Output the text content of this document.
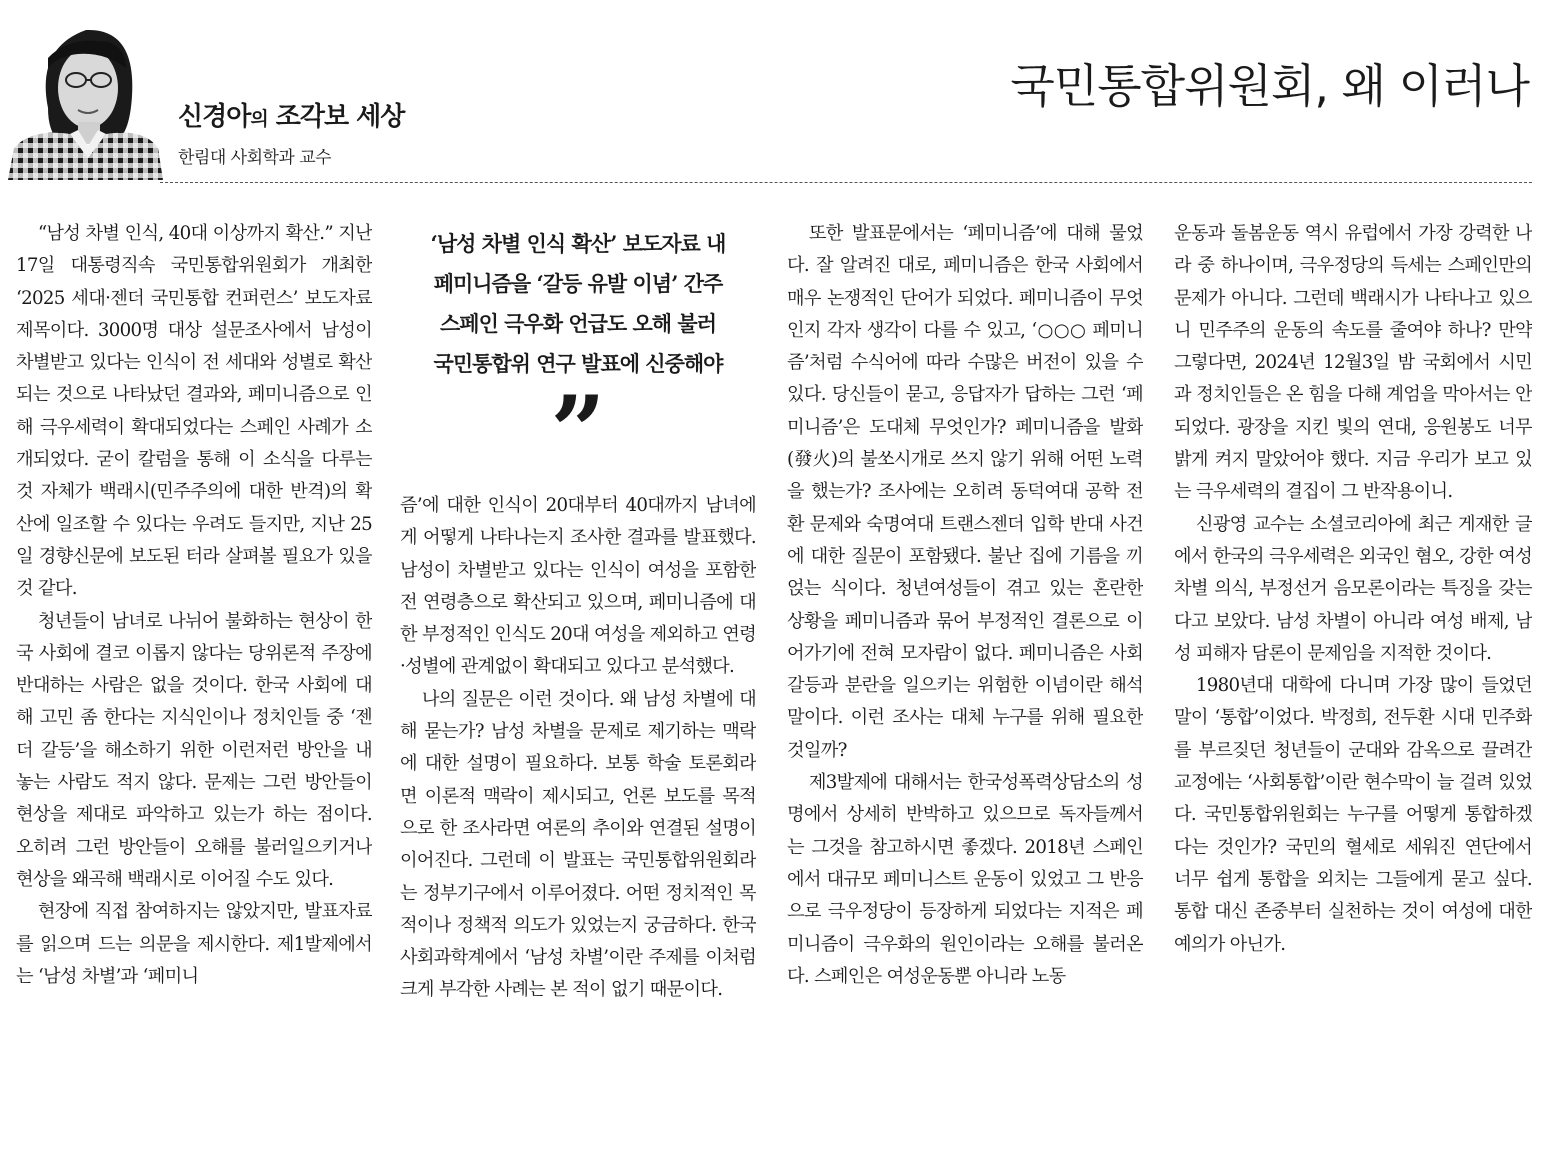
신경아의 조각보 세상
한림대 사회학과 교수
국민통합위원회, 왜 이러나

“남성 차별 인식, 40대 이상까지 확산.” 지난 17일 대통령직속 국민통합위원회가 개최한 ‘2025 세대·젠더 국민통합 컨퍼런스’ 보도자료 제목이다. 3000명 대상 설문조사에서 남성이 차별받고 있다는 인식이 전 세대와 성별로 확산되는 것으로 나타났던 결과와, 페미니즘으로 인해 극우세력이 확대되었다는 스페인 사례가 소개되었다. 굳이 칼럼을 통해 이 소식을 다루는 것 자체가 백래시(민주주의에 대한 반격)의 확산에 일조할 수 있다는 우려도 들지만, 지난 25일 경향신문에 보도된 터라 살펴볼 필요가 있을 것 같다.

청년들이 남녀로 나뉘어 불화하는 현상이 한국 사회에 결코 이롭지 않다는 당위론적 주장에 반대하는 사람은 없을 것이다. 한국 사회에 대해 고민 좀 한다는 지식인이나 정치인들 중 ‘젠더 갈등’을 해소하기 위한 이런저런 방안을 내놓는 사람도 적지 않다. 문제는 그런 방안들이 현상을 제대로 파악하고 있는가 하는 점이다. 오히려 그런 방안들이 오해를 불러일으키거나 현상을 왜곡해 백래시로 이어질 수도 있다.

현장에 직접 참여하지는 않았지만, 발표자료를 읽으며 드는 의문을 제시한다. 제1발제에서는 ‘남성 차별’과 ‘페미니

‘남성 차별 인식 확산’ 보도자료 내
페미니즘을 ‘갈등 유발 이념’ 간주
스페인 극우화 언급도 오해 불러
국민통합위 연구 발표에 신중해야
”

즘’에 대한 인식이 20대부터 40대까지 남녀에게 어떻게 나타나는지 조사한 결과를 발표했다. 남성이 차별받고 있다는 인식이 여성을 포함한 전 연령층으로 확산되고 있으며, 페미니즘에 대한 부정적인 인식도 20대 여성을 제외하고 연령·성별에 관계없이 확대되고 있다고 분석했다.

나의 질문은 이런 것이다. 왜 남성 차별에 대해 묻는가? 남성 차별을 문제로 제기하는 맥락에 대한 설명이 필요하다. 보통 학술 토론회라면 이론적 맥락이 제시되고, 언론 보도를 목적으로 한 조사라면 여론의 추이와 연결된 설명이 이어진다. 그런데 이 발표는 국민통합위원회라는 정부기구에서 이루어졌다. 어떤 정치적인 목적이나 정책적 의도가 있었는지 궁금하다. 한국 사회과학계에서 ‘남성 차별’이란 주제를 이처럼 크게 부각한 사례는 본 적이 없기 때문이다.

또한 발표문에서는 ‘페미니즘’에 대해 물었다. 잘 알려진 대로, 페미니즘은 한국 사회에서 매우 논쟁적인 단어가 되었다. 페미니즘이 무엇인지 각자 생각이 다를 수 있고, ‘○○○ 페미니즘’처럼 수식어에 따라 수많은 버전이 있을 수 있다. 당신들이 묻고, 응답자가 답하는 그런 ‘페미니즘’은 도대체 무엇인가? 페미니즘을 발화(發火)의 불쏘시개로 쓰지 않기 위해 어떤 노력을 했는가? 조사에는 오히려 동덕여대 공학 전환 문제와 숙명여대 트랜스젠더 입학 반대 사건에 대한 질문이 포함됐다. 불난 집에 기름을 끼얹는 식이다. 청년여성들이 겪고 있는 혼란한 상황을 페미니즘과 묶어 부정적인 결론으로 이어가기에 전혀 모자람이 없다. 페미니즘은 사회 갈등과 분란을 일으키는 위험한 이념이란 해석 말이다. 이런 조사는 대체 누구를 위해 필요한 것일까?

제3발제에 대해서는 한국성폭력상담소의 성명에서 상세히 반박하고 있으므로 독자들께서는 그것을 참고하시면 좋겠다. 2018년 스페인에서 대규모 페미니스트 운동이 있었고 그 반응으로 극우정당이 등장하게 되었다는 지적은 페미니즘이 극우화의 원인이라는 오해를 불러온다. 스페인은 여성운동뿐 아니라 노동

운동과 돌봄운동 역시 유럽에서 가장 강력한 나라 중 하나이며, 극우정당의 득세는 스페인만의 문제가 아니다. 그런데 백래시가 나타나고 있으니 민주주의 운동의 속도를 줄여야 하나? 만약 그렇다면, 2024년 12월3일 밤 국회에서 시민과 정치인들은 온 힘을 다해 계엄을 막아서는 안 되었다. 광장을 지킨 빛의 연대, 응원봉도 너무 밝게 켜지 말았어야 했다. 지금 우리가 보고 있는 극우세력의 결집이 그 반작용이니.

신광영 교수는 소셜코리아에 최근 게재한 글에서 한국의 극우세력은 외국인 혐오, 강한 여성 차별 의식, 부정선거 음모론이라는 특징을 갖는다고 보았다. 남성 차별이 아니라 여성 배제, 남성 피해자 담론이 문제임을 지적한 것이다.

1980년대 대학에 다니며 가장 많이 들었던 말이 ‘통합’이었다. 박정희, 전두환 시대 민주화를 부르짖던 청년들이 군대와 감옥으로 끌려간 교정에는 ‘사회통합’이란 현수막이 늘 걸려 있었다. 국민통합위원회는 누구를 어떻게 통합하겠다는 것인가? 국민의 혈세로 세워진 연단에서 너무 쉽게 통합을 외치는 그들에게 묻고 싶다. 통합 대신 존중부터 실천하는 것이 여성에 대한 예의가 아닌가.
